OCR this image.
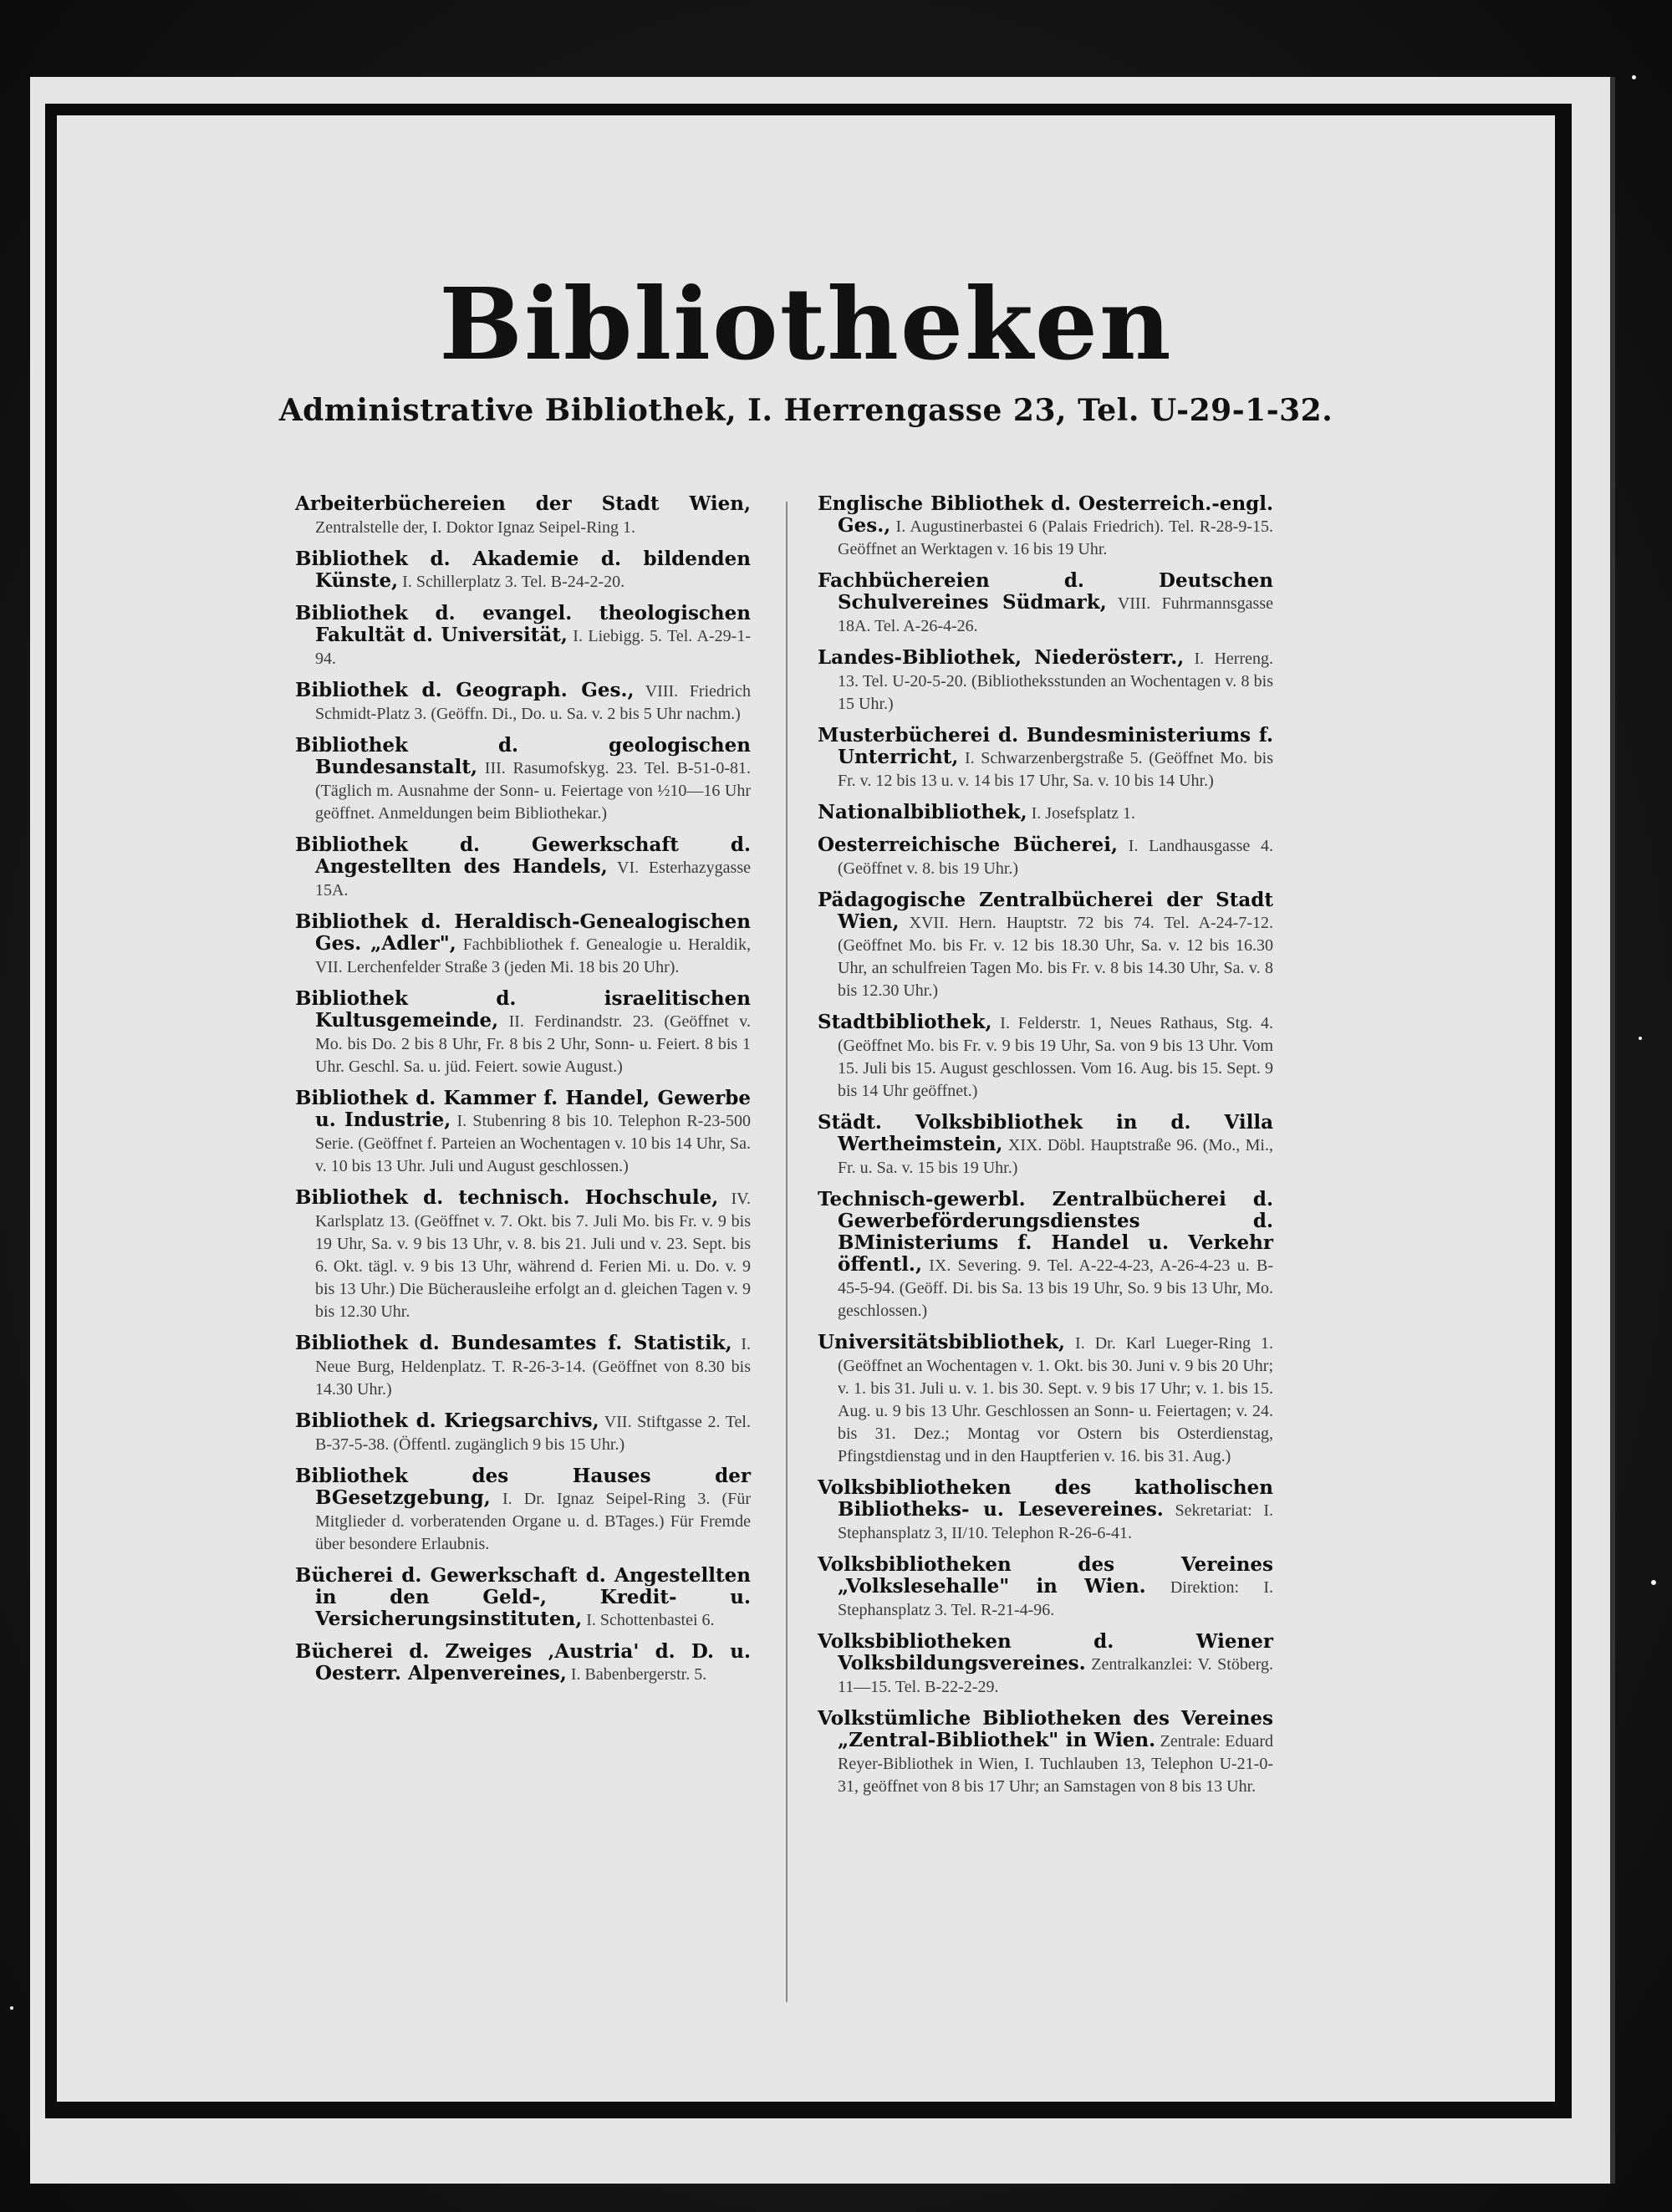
Bibliotheken
Administrative Bibliothek, I. Herrengasse 23, Tel. U-29-1-32.

Arbeiterbüchereien der Stadt Wien, Zentralstelle der, I. Doktor Ignaz Seipel-Ring 1.

Bibliothek d. Akademie d. bildenden Künste, I. Schillerplatz 3. Tel. B-24-2-20.

Bibliothek d. evangel. theologischen Fakultät d. Universität, I. Liebigg. 5. Tel. A-29-1-94.

Bibliothek d. Geograph. Ges., VIII. Friedrich Schmidt-Platz 3. (Geöffn. Di., Do. u. Sa. v. 2 bis 5 Uhr nachm.)

Bibliothek d. geologischen Bundesanstalt, III. Rasumofskyg. 23. Tel. B-51-0-81. (Täglich m. Ausnahme der Sonn- u. Feiertage von ½10—16 Uhr geöffnet. Anmeldungen beim Bibliothekar.)

Bibliothek d. Gewerkschaft d. Angestellten des Handels, VI. Esterhazygasse 15A.

Bibliothek d. Heraldisch-Genealogischen Ges. „Adler", Fachbibliothek f. Genealogie u. Heraldik, VII. Lerchenfelder Straße 3 (jeden Mi. 18 bis 20 Uhr).

Bibliothek d. israelitischen Kultusgemeinde, II. Ferdinandstr. 23. (Geöffnet v. Mo. bis Do. 2 bis 8 Uhr, Fr. 8 bis 2 Uhr, Sonn- u. Feiert. 8 bis 1 Uhr. Geschl. Sa. u. jüd. Feiert. sowie August.)

Bibliothek d. Kammer f. Handel, Gewerbe u. Industrie, I. Stubenring 8 bis 10. Telephon R-23-500 Serie. (Geöffnet f. Parteien an Wochentagen v. 10 bis 14 Uhr, Sa. v. 10 bis 13 Uhr. Juli und August geschlossen.)

Bibliothek d. technisch. Hochschule, IV. Karlsplatz 13. (Geöffnet v. 7. Okt. bis 7. Juli Mo. bis Fr. v. 9 bis 19 Uhr, Sa. v. 9 bis 13 Uhr, v. 8. bis 21. Juli und v. 23. Sept. bis 6. Okt. tägl. v. 9 bis 13 Uhr, während d. Ferien Mi. u. Do. v. 9 bis 13 Uhr.) Die Bücherausleihe erfolgt an d. gleichen Tagen v. 9 bis 12.30 Uhr.

Bibliothek d. Bundesamtes f. Statistik, I. Neue Burg, Heldenplatz. T. R-26-3-14. (Geöffnet von 8.30 bis 14.30 Uhr.)

Bibliothek d. Kriegsarchivs, VII. Stiftgasse 2. Tel. B-37-5-38. (Öffentl. zugänglich 9 bis 15 Uhr.)

Bibliothek des Hauses der BGesetzgebung, I. Dr. Ignaz Seipel-Ring 3. (Für Mitglieder d. vorberatenden Organe u. d. BTages.) Für Fremde über besondere Erlaubnis.

Bücherei d. Gewerkschaft d. Angestellten in den Geld-, Kredit- u. Versicherungsinstituten, I. Schottenbastei 6.

Bücherei d. Zweiges ‚Austria' d. D. u. Oesterr. Alpenvereines, I. Babenbergerstr. 5.

Englische Bibliothek d. Oesterreich.-engl. Ges., I. Augustinerbastei 6 (Palais Friedrich). Tel. R-28-9-15. Geöffnet an Werktagen v. 16 bis 19 Uhr.

Fachbüchereien d. Deutschen Schulvereines Südmark, VIII. Fuhrmannsgasse 18A. Tel. A-26-4-26.

Landes-Bibliothek, Niederösterr., I. Herreng. 13. Tel. U-20-5-20. (Bibliotheksstunden an Wochentagen v. 8 bis 15 Uhr.)

Musterbücherei d. Bundesministeriums f. Unterricht, I. Schwarzenbergstraße 5. (Geöffnet Mo. bis Fr. v. 12 bis 13 u. v. 14 bis 17 Uhr, Sa. v. 10 bis 14 Uhr.)

Nationalbibliothek, I. Josefsplatz 1.

Oesterreichische Bücherei, I. Landhausgasse 4. (Geöffnet v. 8. bis 19 Uhr.)

Pädagogische Zentralbücherei der Stadt Wien, XVII. Hern. Hauptstr. 72 bis 74. Tel. A-24-7-12. (Geöffnet Mo. bis Fr. v. 12 bis 18.30 Uhr, Sa. v. 12 bis 16.30 Uhr, an schulfreien Tagen Mo. bis Fr. v. 8 bis 14.30 Uhr, Sa. v. 8 bis 12.30 Uhr.)

Stadtbibliothek, I. Felderstr. 1, Neues Rathaus, Stg. 4. (Geöffnet Mo. bis Fr. v. 9 bis 19 Uhr, Sa. von 9 bis 13 Uhr. Vom 15. Juli bis 15. August geschlossen. Vom 16. Aug. bis 15. Sept. 9 bis 14 Uhr geöffnet.)

Städt. Volksbibliothek in d. Villa Wertheimstein, XIX. Döbl. Hauptstraße 96. (Mo., Mi., Fr. u. Sa. v. 15 bis 19 Uhr.)

Technisch-gewerbl. Zentralbücherei d. Gewerbeförderungsdienstes d. BMinisteriums f. Handel u. Verkehr öffentl., IX. Severing. 9. Tel. A-22-4-23, A-26-4-23 u. B-45-5-94. (Geöff. Di. bis Sa. 13 bis 19 Uhr, So. 9 bis 13 Uhr, Mo. geschlossen.)

Universitätsbibliothek, I. Dr. Karl Lueger-Ring 1. (Geöffnet an Wochentagen v. 1. Okt. bis 30. Juni v. 9 bis 20 Uhr; v. 1. bis 31. Juli u. v. 1. bis 30. Sept. v. 9 bis 17 Uhr; v. 1. bis 15. Aug. u. 9 bis 13 Uhr. Geschlossen an Sonn- u. Feiertagen; v. 24. bis 31. Dez.; Montag vor Ostern bis Osterdienstag, Pfingstdienstag und in den Hauptferien v. 16. bis 31. Aug.)

Volksbibliotheken des katholischen Bibliotheks- u. Lesevereines. Sekretariat: I. Stephansplatz 3, II/10. Telephon R-26-6-41.

Volksbibliotheken des Vereines „Volkslesehalle" in Wien. Direktion: I. Stephansplatz 3. Tel. R-21-4-96.

Volksbibliotheken d. Wiener Volksbildungsvereines. Zentralkanzlei: V. Stöberg. 11—15. Tel. B-22-2-29.

Volkstümliche Bibliotheken des Vereines „Zentral-Bibliothek" in Wien. Zentrale: Eduard Reyer-Bibliothek in Wien, I. Tuchlauben 13, Telephon U-21-0-31, geöffnet von 8 bis 17 Uhr; an Samstagen von 8 bis 13 Uhr.
